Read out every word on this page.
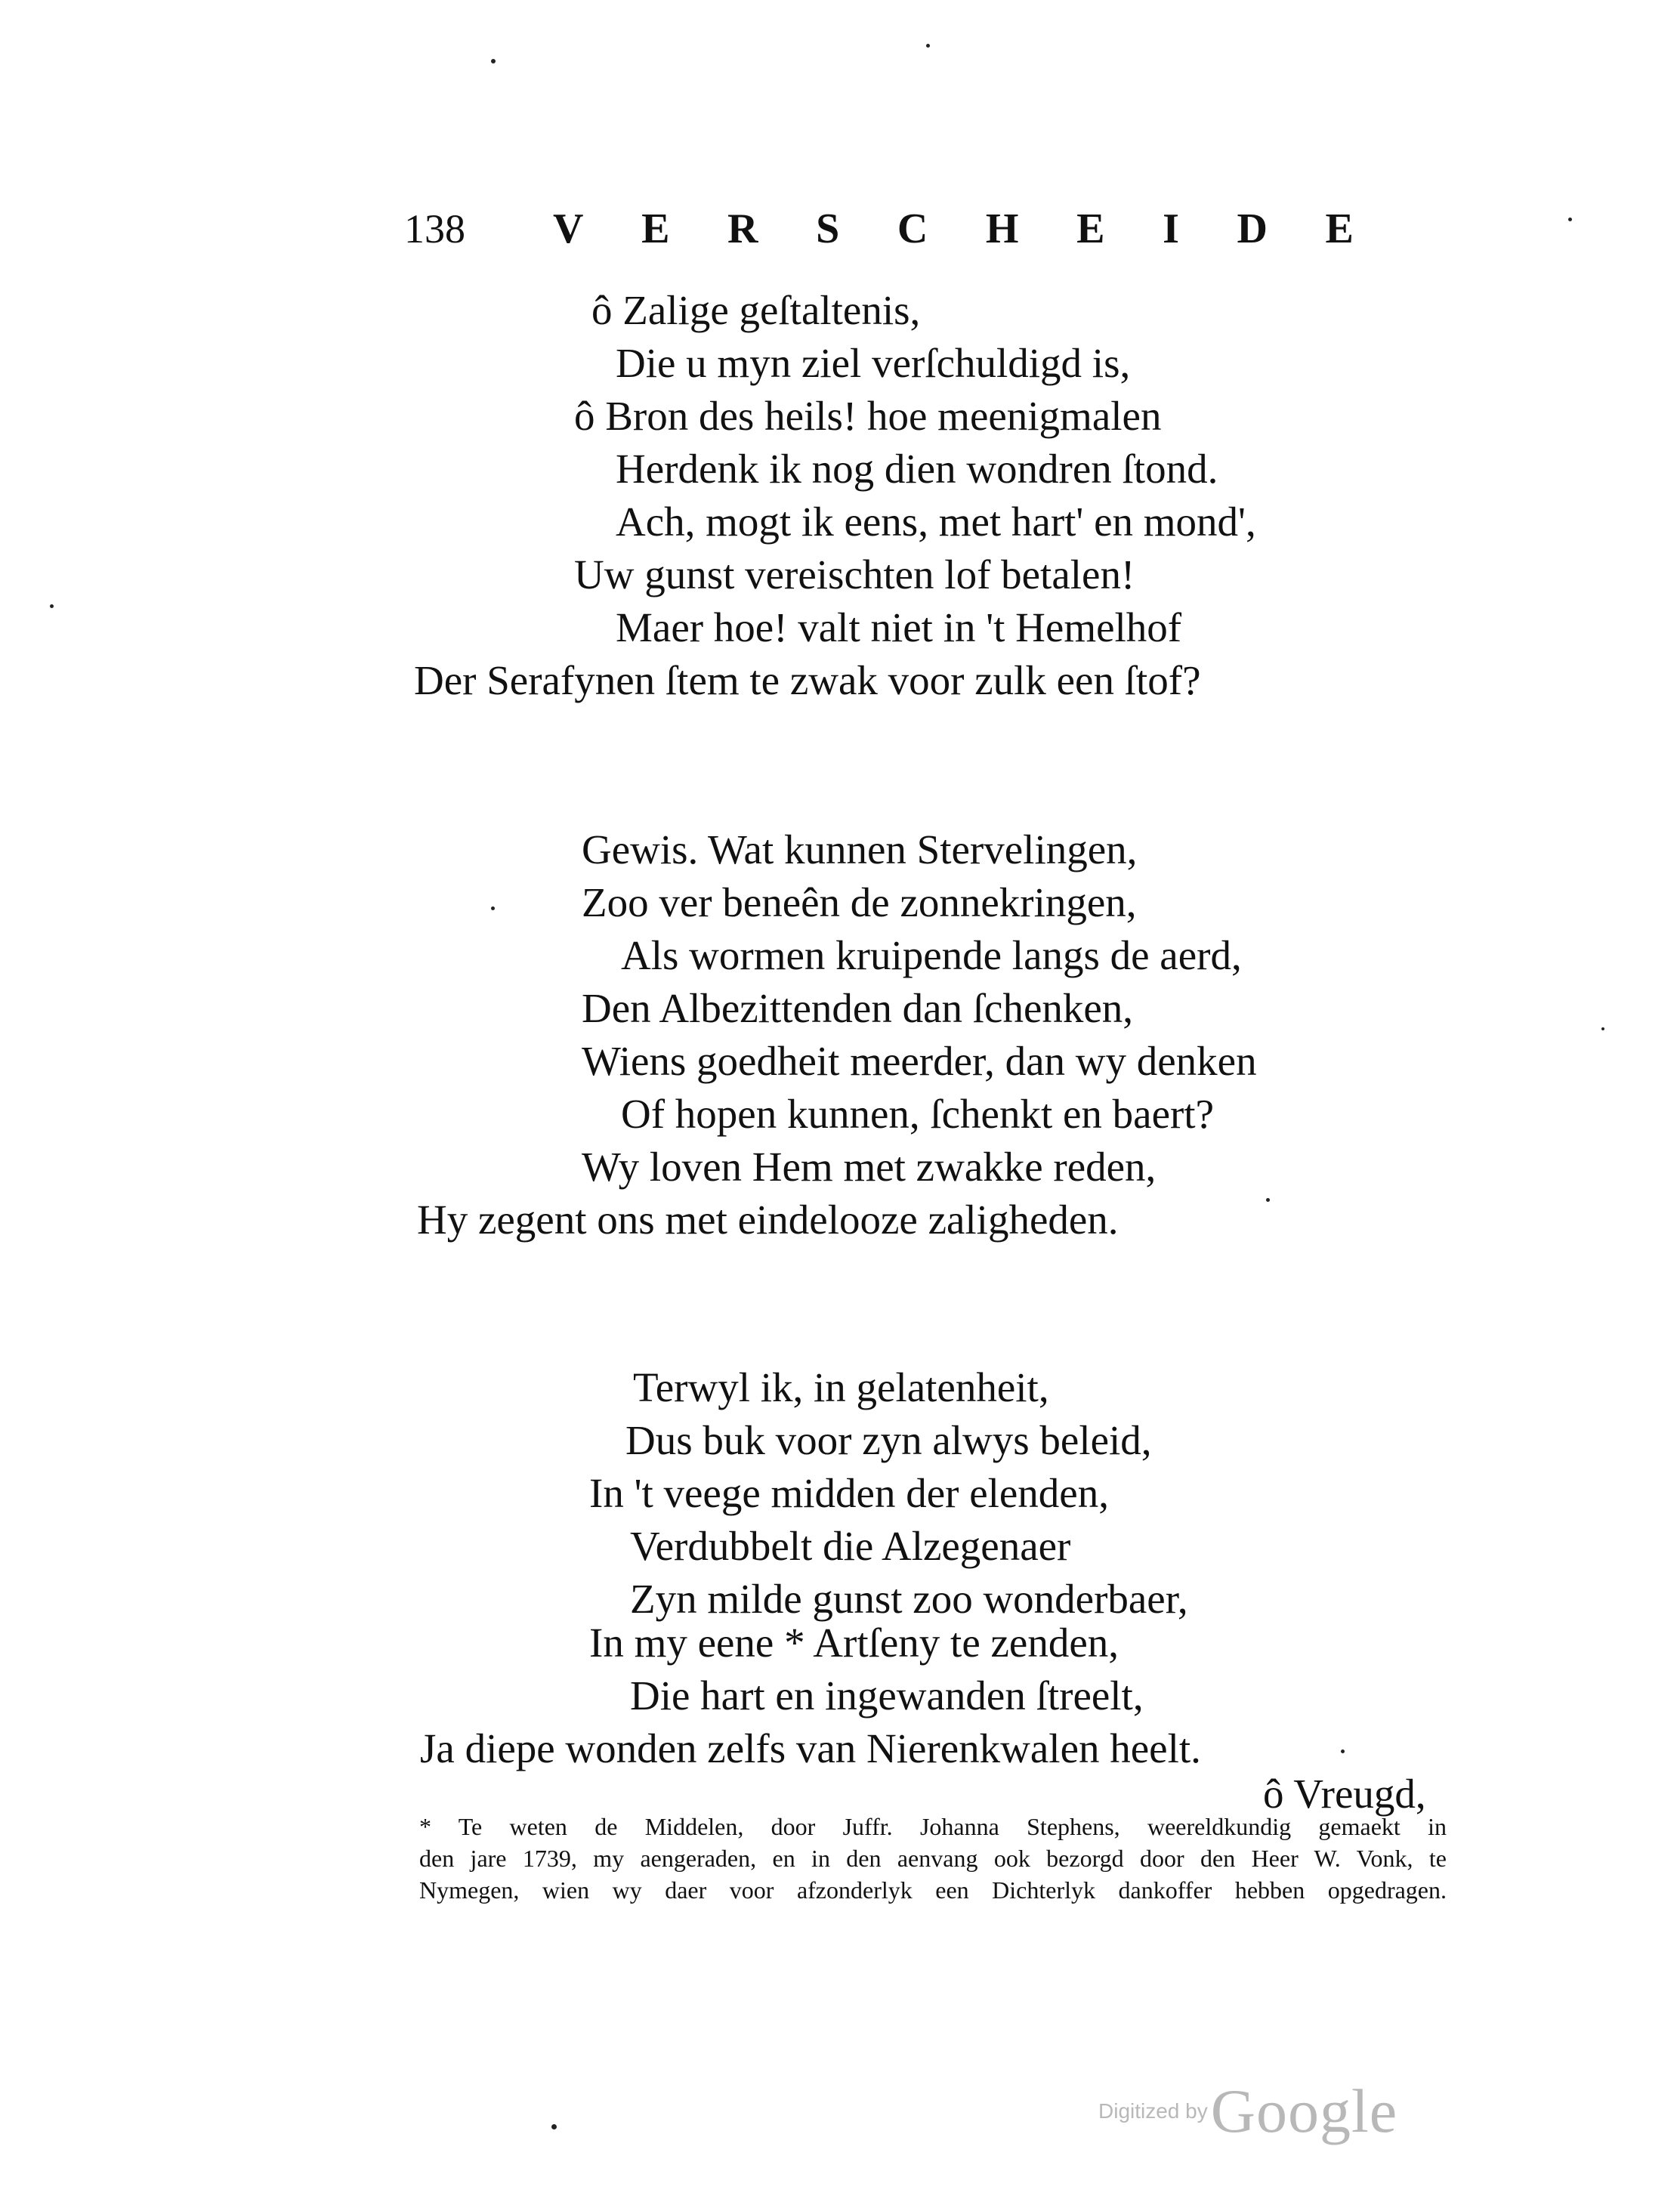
138 V E R S C H E I D E
ô Zalige geſtaltenis,
Die u myn ziel verſchuldigd is,
ô Bron des heils! hoe meenigmalen
Herdenk ik nog dien wondren ſtond.
Ach, mogt ik eens, met hart' en mond',
Uw gunst vereischten lof betalen!
Maer hoe! valt niet in 't Hemelhof
Der Serafynen ſtem te zwak voor zulk een ſtof?
Gewis. Wat kunnen Stervelingen,
Zoo ver beneên de zonnekringen,
Als wormen kruipende langs de aerd,
Den Albezittenden dan ſchenken,
Wiens goedheit meerder, dan wy denken
Of hopen kunnen, ſchenkt en baert?
Wy loven Hem met zwakke reden,
Hy zegent ons met eindelooze zaligheden.
Terwyl ik, in gelatenheit,
Dus buk voor zyn alwys beleid,
In 't veege midden der elenden,
Verdubbelt die Alzegenaer
Zyn milde gunst zoo wonderbaer,
In my eene * Artſeny te zenden,
Die hart en ingewanden ſtreelt,
Ja diepe wonden zelfs van Nierenkwalen heelt.
ô Vreugd,
* Te weten de Middelen, door Juffr. Johanna Stephens, weereldkundig gemaekt in
den jare 1739, my aengeraden, en in den aenvang ook bezorgd door den Heer W. Vonk, te
Nymegen, wien wy daer voor afzonderlyk een Dichterlyk dankoffer hebben opgedragen.
Digitized by Google
